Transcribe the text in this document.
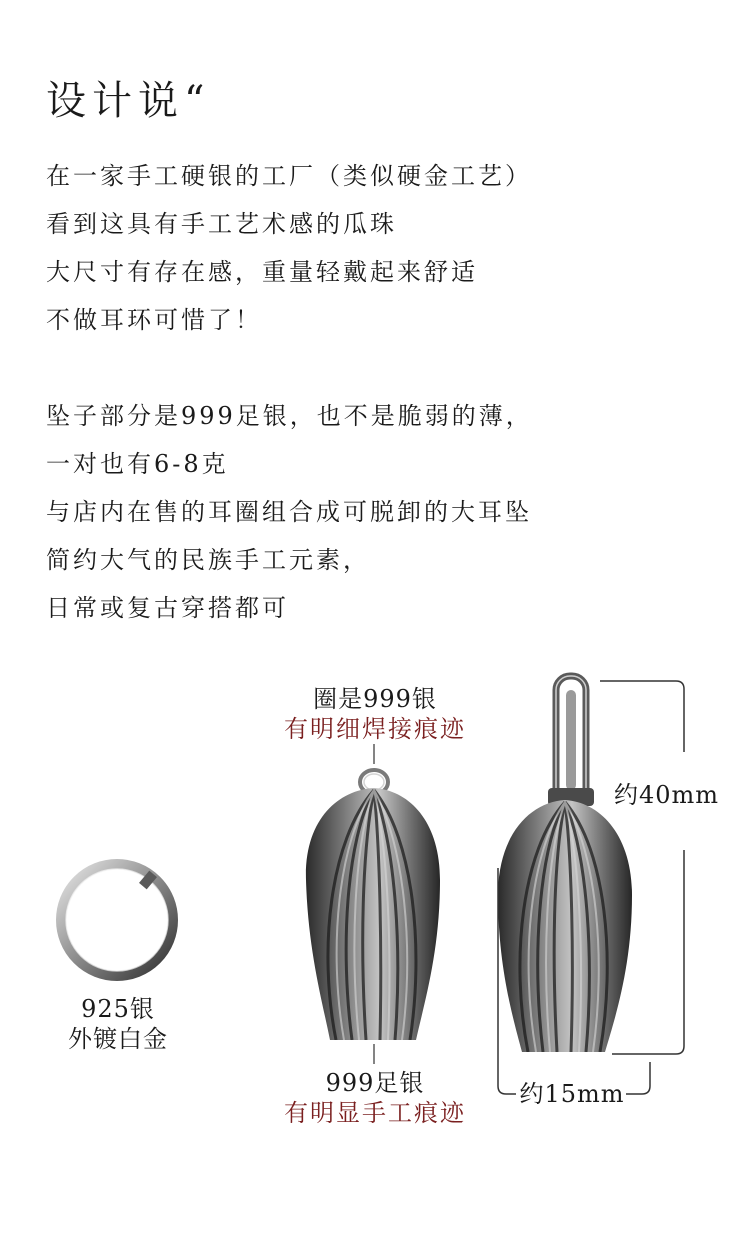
设计说“
在一家手工硬银的工厂（类似硬金工艺）
看到这具有手工艺术感的瓜珠
大尺寸有存在感，重量轻戴起来舒适
不做耳环可惜了！
坠子部分是999足银，也不是脆弱的薄，
一对也有6-8克
与店内在售的耳圈组合成可脱卸的大耳坠
简约大气的民族手工元素，
日常或复古穿搭都可
925银
外镀白金
圈是999银
有明细焊接痕迹
999足银
有明显手工痕迹
约40mm
约15mm
